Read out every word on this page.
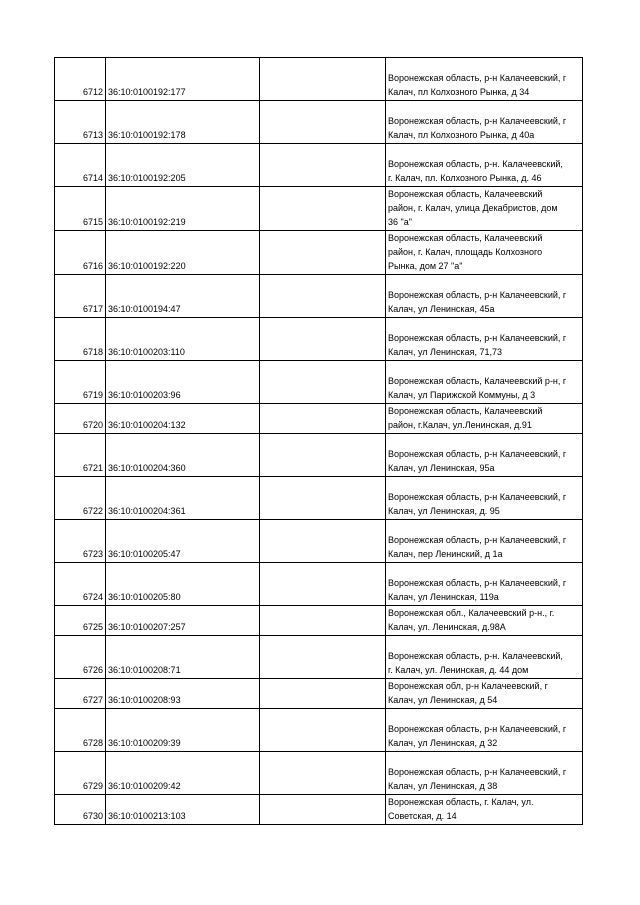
6712	36:10:0100192:177		Воронежская область, р-н Калачеевский, г
Калач, пл Колхозного Рынка, д 34

6713	36:10:0100192:178		Воронежская область, р-н Калачеевский, г
Калач, пл Колхозного Рынка, д 40а

6714	36:10:0100192:205		Воронежская область, р-н. Калачеевский,
г. Калач, пл. Колхозного Рынка, д. 46

6715	36:10:0100192:219		Воронежская область, Калачеевский
район, г. Калач, улица Декабристов, дом
36 "а"

6716	36:10:0100192:220		Воронежская область, Калачеевский
район, г. Калач, площадь Колхозного
Рынка, дом 27 "а"

6717	36:10:0100194:47		Воронежская область, р-н Калачеевский, г
Калач, ул Ленинская, 45а

6718	36:10:0100203:110		Воронежская область, р-н Калачеевский, г
Калач, ул Ленинская, 71,73

6719	36:10:0100203:96		Воронежская область, Калачеевский р-н, г
Калач, ул Парижской Коммуны, д 3

6720	36:10:0100204:132		Воронежская область, Калачеевский
район, г.Калач, ул.Ленинская, д.91

6721	36:10:0100204:360		Воронежская область, р-н Калачеевский, г
Калач, ул Ленинская, 95а

6722	36:10:0100204:361		Воронежская область, р-н Калачеевский, г
Калач, ул Ленинская, д. 95

6723	36:10:0100205:47		Воронежская область, р-н Калачеевский, г
Калач, пер Ленинский, д 1а

6724	36:10:0100205:80		Воронежская область, р-н Калачеевский, г
Калач, ул Ленинская, 119а

6725	36:10:0100207:257		Воронежская обл., Калачеевский р-н., г.
Калач, ул. Ленинская, д.98А

6726	36:10:0100208:71		Воронежская область, р-н. Калачеевский,
г. Калач, ул. Ленинская, д. 44 дом

6727	36:10:0100208:93		Воронежская обл, р-н Калачеевский, г
Калач, ул Ленинская, д 54

6728	36:10:0100209:39		Воронежская область, р-н Калачеевский, г
Калач, ул Ленинская, д 32

6729	36:10:0100209:42		Воронежская область, р-н Калачеевский, г
Калач, ул Ленинская, д 38

6730	36:10:0100213:103		Воронежская область, г. Калач, ул.
Советская, д. 14
